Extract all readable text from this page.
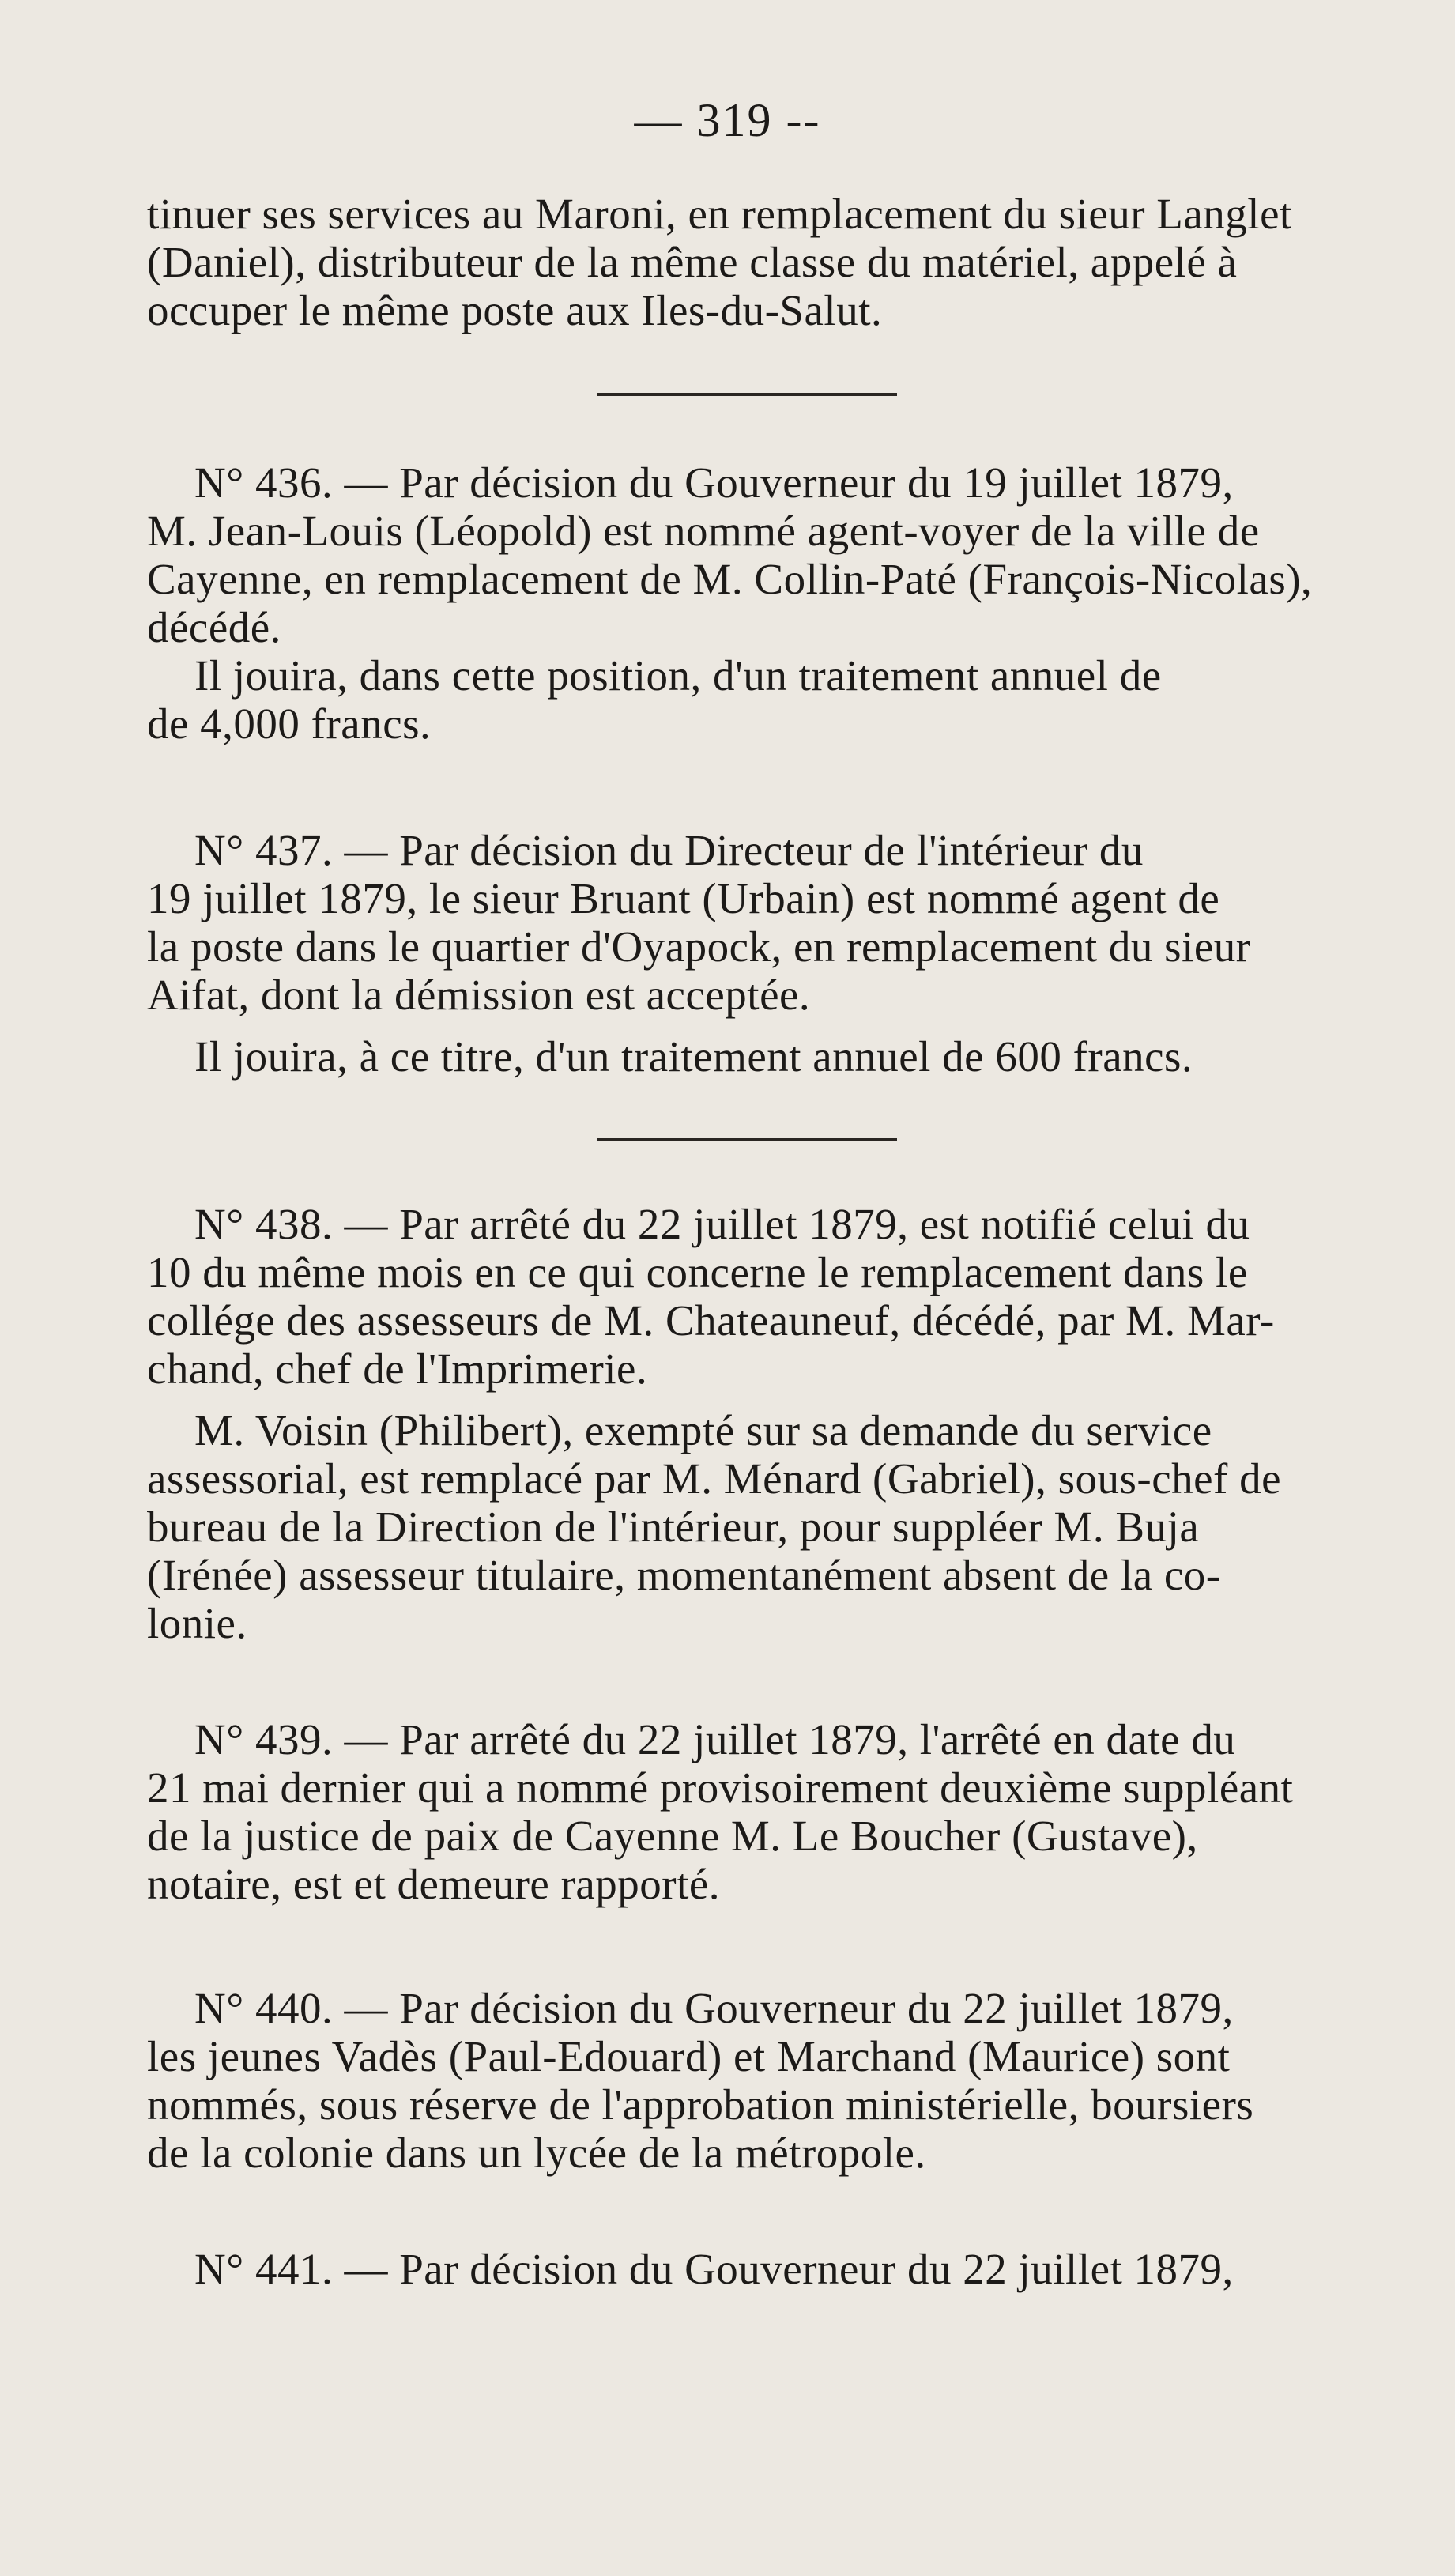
— 319 --
tinuer ses services au Maroni, en remplacement du sieur Langlet
(Daniel), distributeur de la même classe du matériel, appelé à
occuper le même poste aux Iles-du-Salut.
N° 436. — Par décision du Gouverneur du 19 juillet 1879,
M. Jean-Louis (Léopold) est nommé agent-voyer de la ville de
Cayenne, en remplacement de M. Collin-Paté (François-Nicolas),
décédé.
Il jouira, dans cette position, d'un traitement annuel de
de 4,000 francs.
N° 437. — Par décision du Directeur de l'intérieur du
19 juillet 1879, le sieur Bruant (Urbain) est nommé agent de
la poste dans le quartier d'Oyapock, en remplacement du sieur
Aifat, dont la démission est acceptée.
Il jouira, à ce titre, d'un traitement annuel de 600 francs.
N° 438. — Par arrêté du 22 juillet 1879, est notifié celui du
10 du même mois en ce qui concerne le remplacement dans le
collége des assesseurs de M. Chateauneuf, décédé, par M. Mar-
chand, chef de l'Imprimerie.
M. Voisin (Philibert), exempté sur sa demande du service
assessorial, est remplacé par M. Ménard (Gabriel), sous-chef de
bureau de la Direction de l'intérieur, pour suppléer M. Buja
(Irénée) assesseur titulaire, momentanément absent de la co-
lonie.
N° 439. — Par arrêté du 22 juillet 1879, l'arrêté en date du
21 mai dernier qui a nommé provisoirement deuxième suppléant
de la justice de paix de Cayenne M. Le Boucher (Gustave),
notaire, est et demeure rapporté.
N° 440. — Par décision du Gouverneur du 22 juillet 1879,
les jeunes Vadès (Paul-Edouard) et Marchand (Maurice) sont
nommés, sous réserve de l'approbation ministérielle, boursiers
de la colonie dans un lycée de la métropole.
N° 441. — Par décision du Gouverneur du 22 juillet 1879,
